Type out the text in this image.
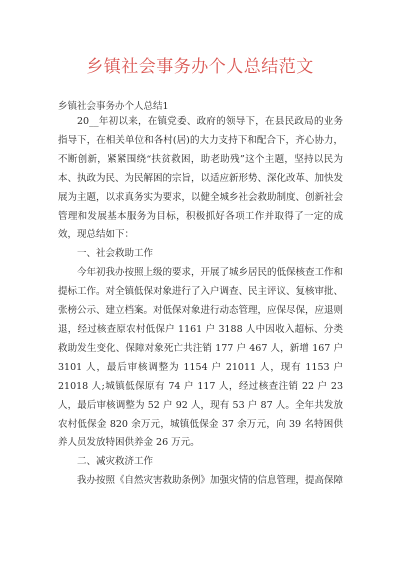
乡镇社会事务办个人总结范文
乡镇社会事务办个人总结1

20__年初以来，在镇党委、政府的领导下，在县民政局的业务指导下，在相关单位和各村(居)的大力支持下和配合下，齐心协力，不断创新，紧紧围绕“扶贫救困，助老助残”这个主题，坚持以民为本、执政为民、为民解困的宗旨，以适应新形势、深化改革、加快发展为主题，以求真务实为要求，以健全城乡社会救助制度、创新社会管理和发展基本服务为目标，积极抓好各项工作并取得了一定的成效，现总结如下：

一、社会救助工作

今年初我办按照上级的要求，开展了城乡居民的低保核查工作和提标工作。对全镇低保对象进行了入户调查、民主评议、复核审批、张榜公示、建立档案。对低保对象进行动态管理，应保尽保，应退则退，经过核查原农村低保户 1161 户 3188 人中因收入超标、分类救助发生变化、保障对象死亡共注销 177 户 467 人，新增 167 户 3101 人，最后审核调整为 1154 户 21011 人，现有 1153 户 21018 人;城镇低保原有 74 户 117 人，经过核查注销 22 户 23 人，最后审核调整为 52 户 92 人，现有 53 户 87 人。全年共发放农村低保金 820 余万元，城镇低保金 37 余万元，向 39 名特困供养人员发放特困供养金 26 万元。

二、减灾救济工作

我办按照《自然灾害救助条例》加强灾情的信息管理，提高保障
